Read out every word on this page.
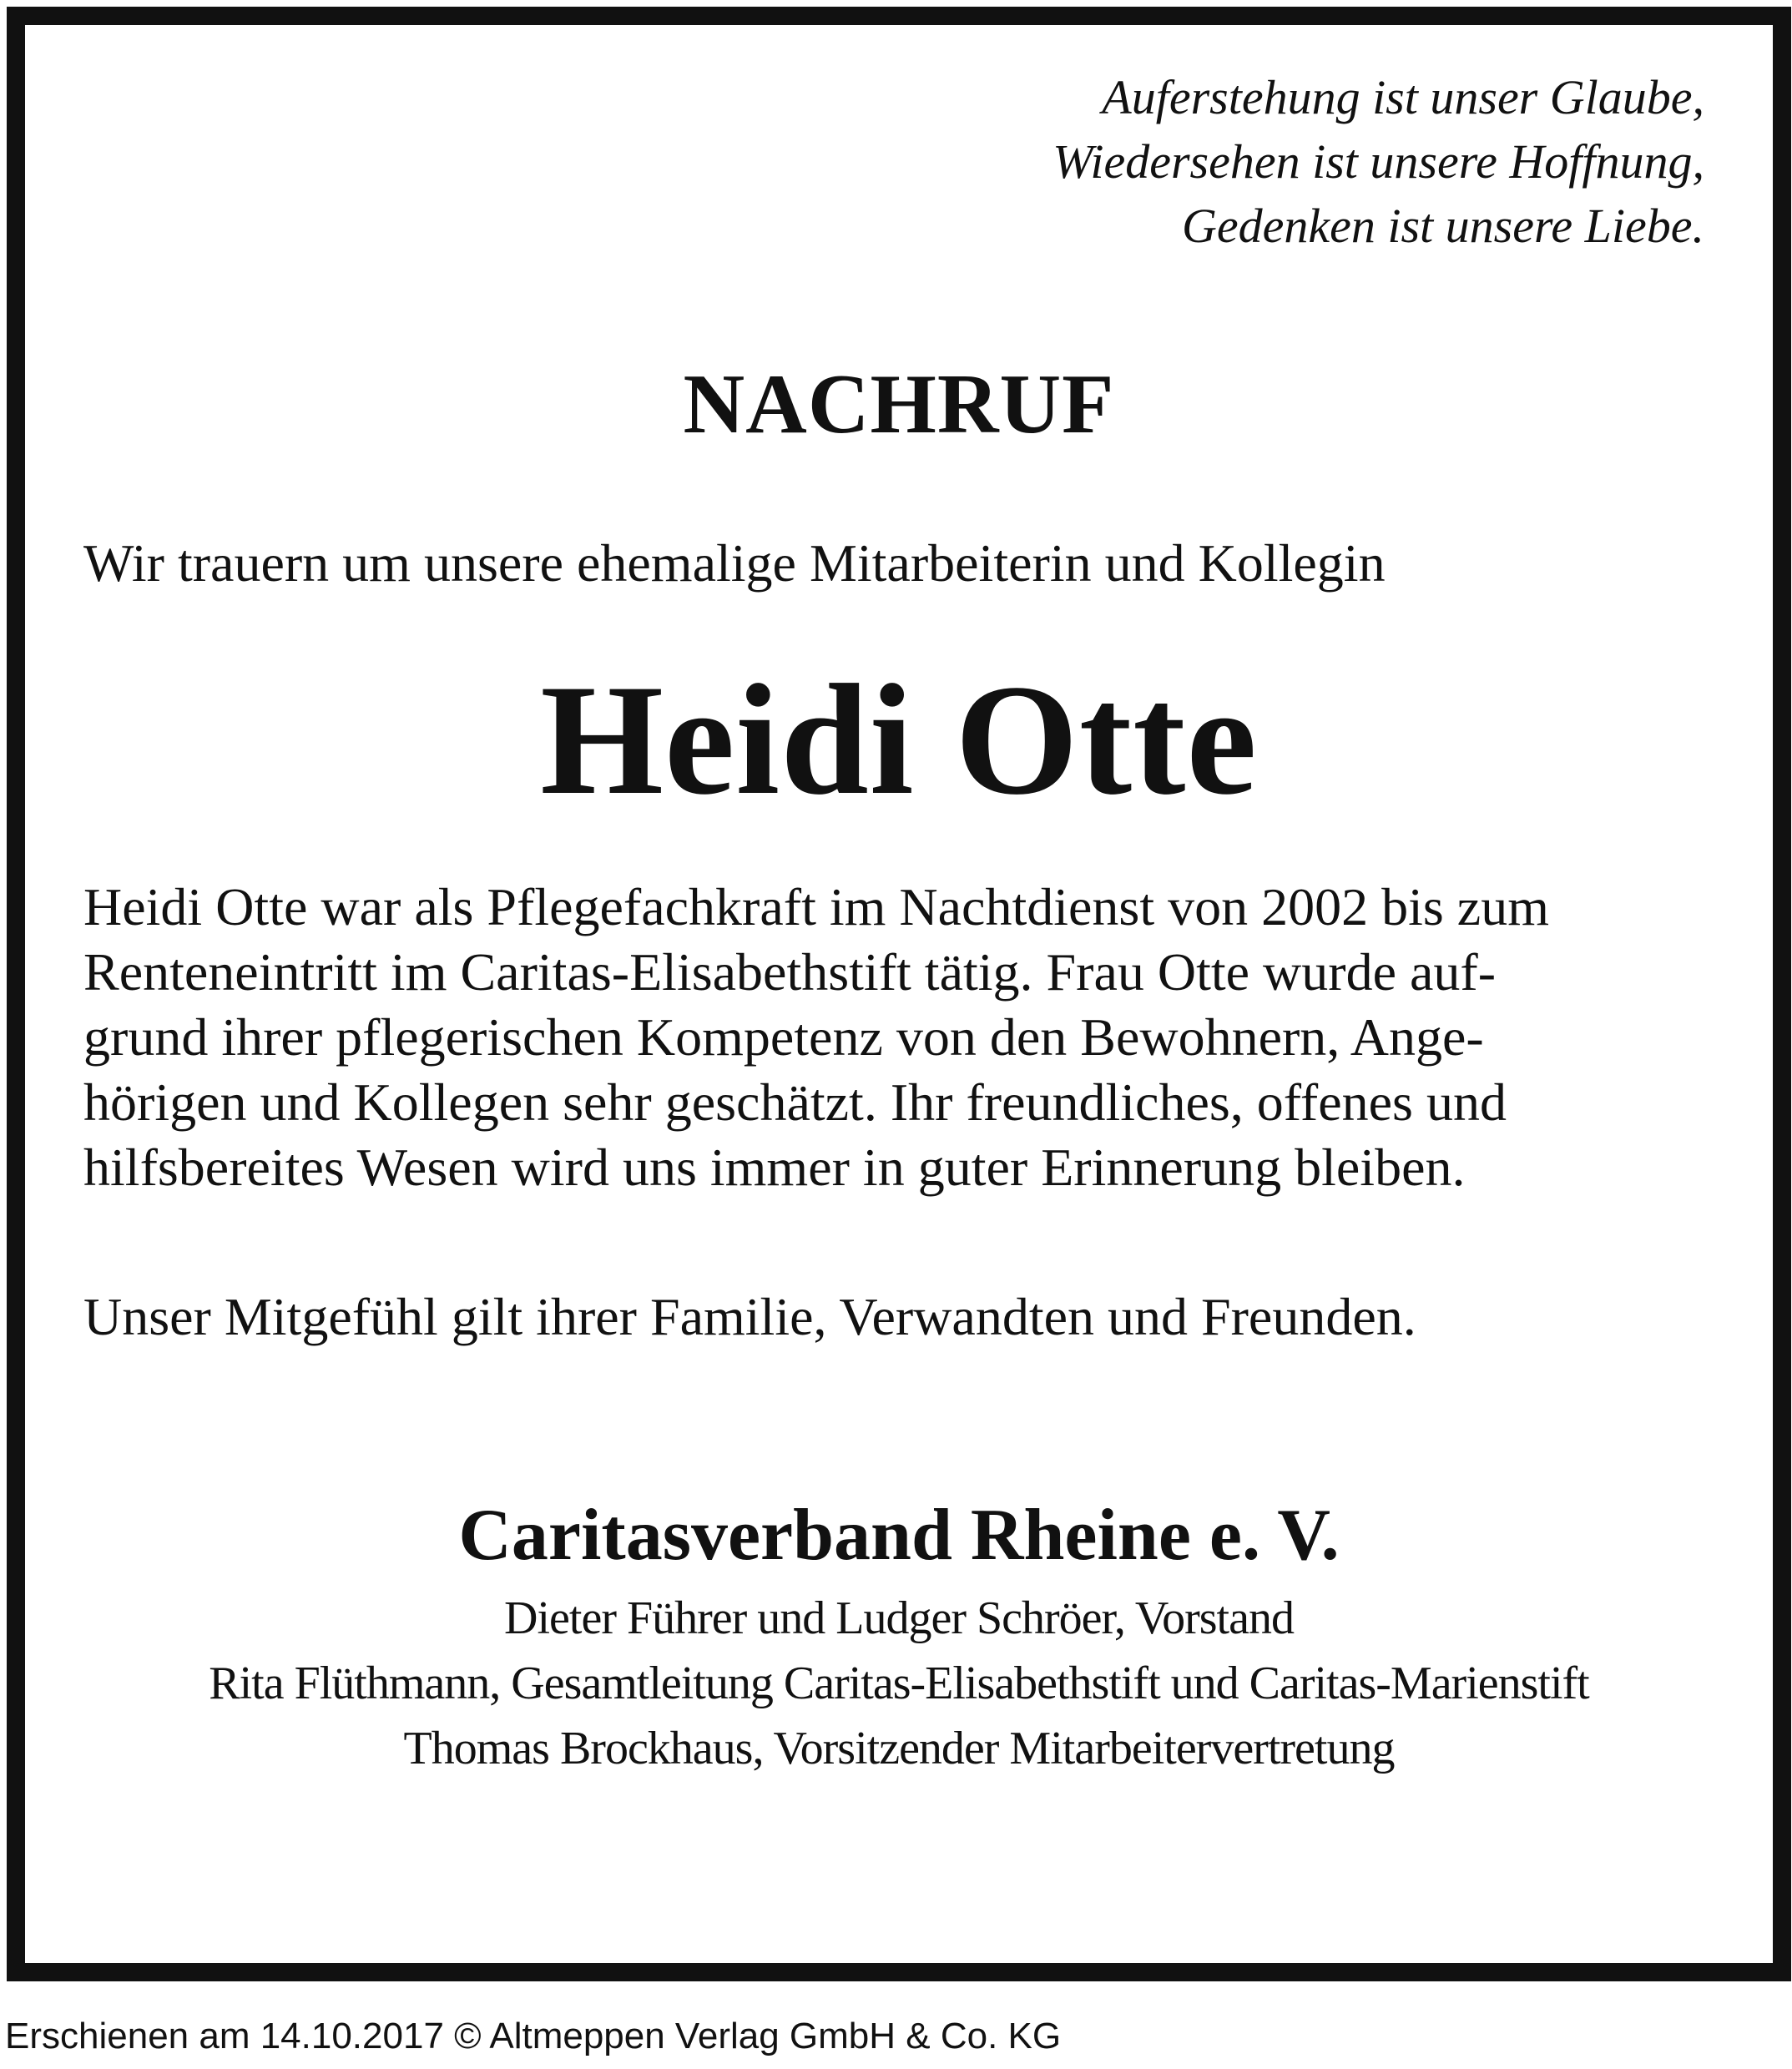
Auferstehung ist unser Glaube,
Wiedersehen ist unsere Hoffnung,
Gedenken ist unsere Liebe.
NACHRUF
Wir trauern um unsere ehemalige Mitarbeiterin und Kollegin
Heidi Otte
Heidi Otte war als Pflegefachkraft im Nachtdienst von 2002 bis zum
Renteneintritt im Caritas-Elisabethstift tätig. Frau Otte wurde auf-
grund ihrer pflegerischen Kompetenz von den Bewohnern, Ange-
hörigen und Kollegen sehr geschätzt. Ihr freundliches, offenes und
hilfsbereites Wesen wird uns immer in guter Erinnerung bleiben.
Unser Mitgefühl gilt ihrer Familie, Verwandten und Freunden.
Caritasverband Rheine e. V.
Dieter Führer und Ludger Schröer, Vorstand
Rita Flüthmann, Gesamtleitung Caritas-Elisabethstift und Caritas-Marienstift
Thomas Brockhaus, Vorsitzender Mitarbeitervertretung
Erschienen am 14.10.2017 © Altmeppen Verlag GmbH & Co. KG
